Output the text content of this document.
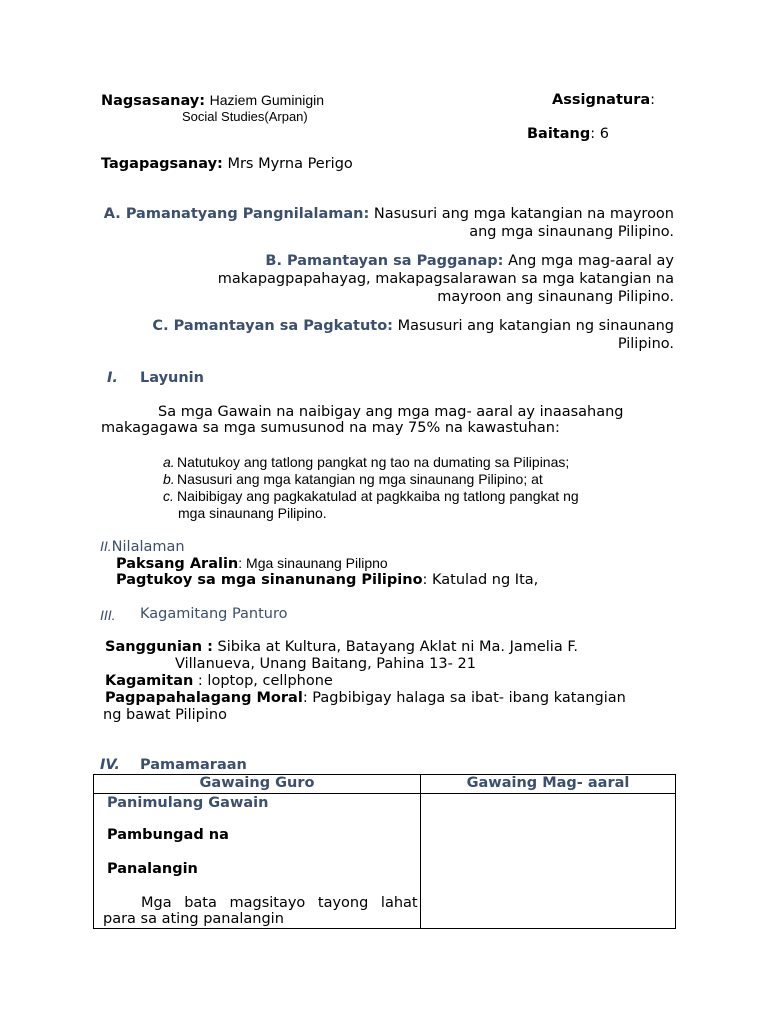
Nagsasanay: Haziem Guminigin
Social Studies(Arpan)
Assignatura:
Baitang: 6
Tagapagsanay: Mrs Myrna Perigo
A. Pamanatyang Pangnilalaman: Nasusuri ang mga katangian na mayroon
ang mga sinaunang Pilipino.
B. Pamantayan sa Pagganap: Ang mga mag-aaral ay
makapagpapahayag, makapagsalarawan sa mga katangian na
mayroon ang sinaunang Pilipino.
C. Pamantayan sa Pagkatuto: Masusuri ang katangian ng sinaunang
Pilipino.
I. Layunin
Sa mga Gawain na naibigay ang mga mag- aaral ay inaasahang
makagagawa sa mga sumusunod na may 75% na kawastuhan:
a. Natutukoy ang tatlong pangkat ng tao na dumating sa Pilipinas;
b. Nasusuri ang mga katangian ng mga sinaunang Pilipino; at
c. Naibibigay ang pagkakatulad at pagkkaiba ng tatlong pangkat ng
mga sinaunang Pilipino.
II.Nilalaman
Paksang Aralin: Mga sinaunang Pilipno
Pagtukoy sa mga sinanunang Pilipino: Katulad ng Ita,
III. Kagamitang Panturo
Sanggunian : Sibika at Kultura, Batayang Aklat ni Ma. Jamelia F.
Villanueva, Unang Baitang, Pahina 13- 21
Kagamitan : loptop, cellphone
Pagpapahalagang Moral: Pagbibigay halaga sa ibat- ibang katangian
ng bawat Pilipino
IV. Pamamaraan
Gawaing Guro	Gawaing Mag- aaral

Panimulang Gawain
Pambungad na
Panalangin
Mga bata magsitayo tayong lahat
para sa ating panalangin	
